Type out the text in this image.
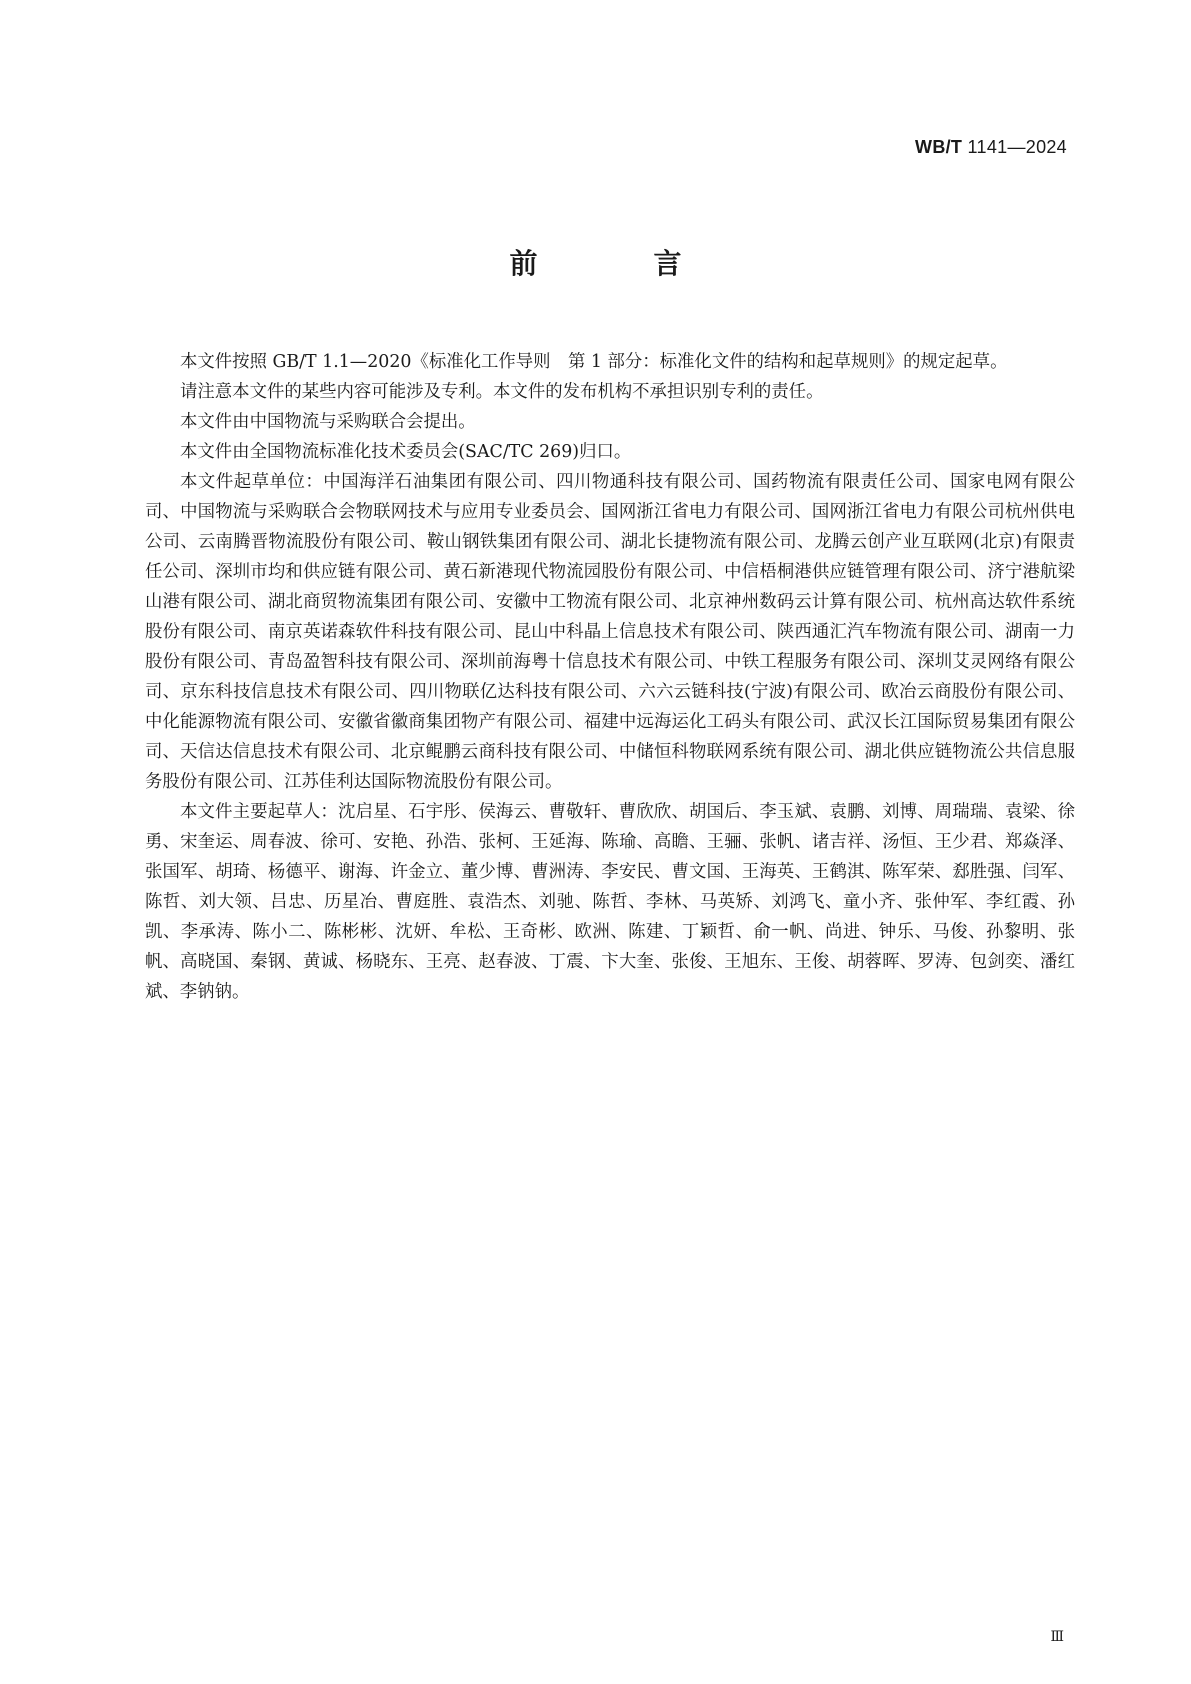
WB/T 1141—2024
前　言

本文件按照 GB/T 1.1—2020《标准化工作导则　第 1 部分：标准化文件的结构和起草规则》的规定起草。

请注意本文件的某些内容可能涉及专利。本文件的发布机构不承担识别专利的责任。

本文件由中国物流与采购联合会提出。

本文件由全国物流标准化技术委员会(SAC/TC 269)归口。

本文件起草单位：中国海洋石油集团有限公司、四川物通科技有限公司、国药物流有限责任公司、国家电网有限公司、中国物流与采购联合会物联网技术与应用专业委员会、国网浙江省电力有限公司、国网浙江省电力有限公司杭州供电公司、云南腾晋物流股份有限公司、鞍山钢铁集团有限公司、湖北长捷物流有限公司、龙腾云创产业互联网(北京)有限责任公司、深圳市均和供应链有限公司、黄石新港现代物流园股份有限公司、中信梧桐港供应链管理有限公司、济宁港航梁山港有限公司、湖北商贸物流集团有限公司、安徽中工物流有限公司、北京神州数码云计算有限公司、杭州高达软件系统股份有限公司、南京英诺森软件科技有限公司、昆山中科晶上信息技术有限公司、陕西通汇汽车物流有限公司、湖南一力股份有限公司、青岛盈智科技有限公司、深圳前海粤十信息技术有限公司、中铁工程服务有限公司、深圳艾灵网络有限公司、京东科技信息技术有限公司、四川物联亿达科技有限公司、六六云链科技(宁波)有限公司、欧冶云商股份有限公司、中化能源物流有限公司、安徽省徽商集团物产有限公司、福建中远海运化工码头有限公司、武汉长江国际贸易集团有限公司、天信达信息技术有限公司、北京鲲鹏云商科技有限公司、中储恒科物联网系统有限公司、湖北供应链物流公共信息服务股份有限公司、江苏佳利达国际物流股份有限公司。

本文件主要起草人：沈启星、石宇彤、侯海云、曹敬轩、曹欣欣、胡国后、李玉斌、袁鹏、刘博、周瑞瑞、袁梁、徐勇、宋奎运、周春波、徐可、安艳、孙浩、张柯、王延海、陈瑜、高瞻、王骊、张帆、诸吉祥、汤恒、王少君、郑焱泽、张国军、胡琦、杨德平、谢海、许金立、董少博、曹洲涛、李安民、曹文国、王海英、王鹤淇、陈军荣、郄胜强、闫军、陈哲、刘大领、吕忠、历星冶、曹庭胜、袁浩杰、刘驰、陈哲、李林、马英矫、刘鸿飞、童小齐、张仲军、李红霞、孙凯、李承涛、陈小二、陈彬彬、沈妍、牟松、王奇彬、欧洲、陈建、丁颖哲、俞一帆、尚进、钟乐、马俊、孙黎明、张帆、高晓国、秦钢、黄诚、杨晓东、王亮、赵春波、丁震、卞大奎、张俊、王旭东、王俊、胡蓉晖、罗涛、包剑奕、潘红斌、李钠钠。

Ⅲ
